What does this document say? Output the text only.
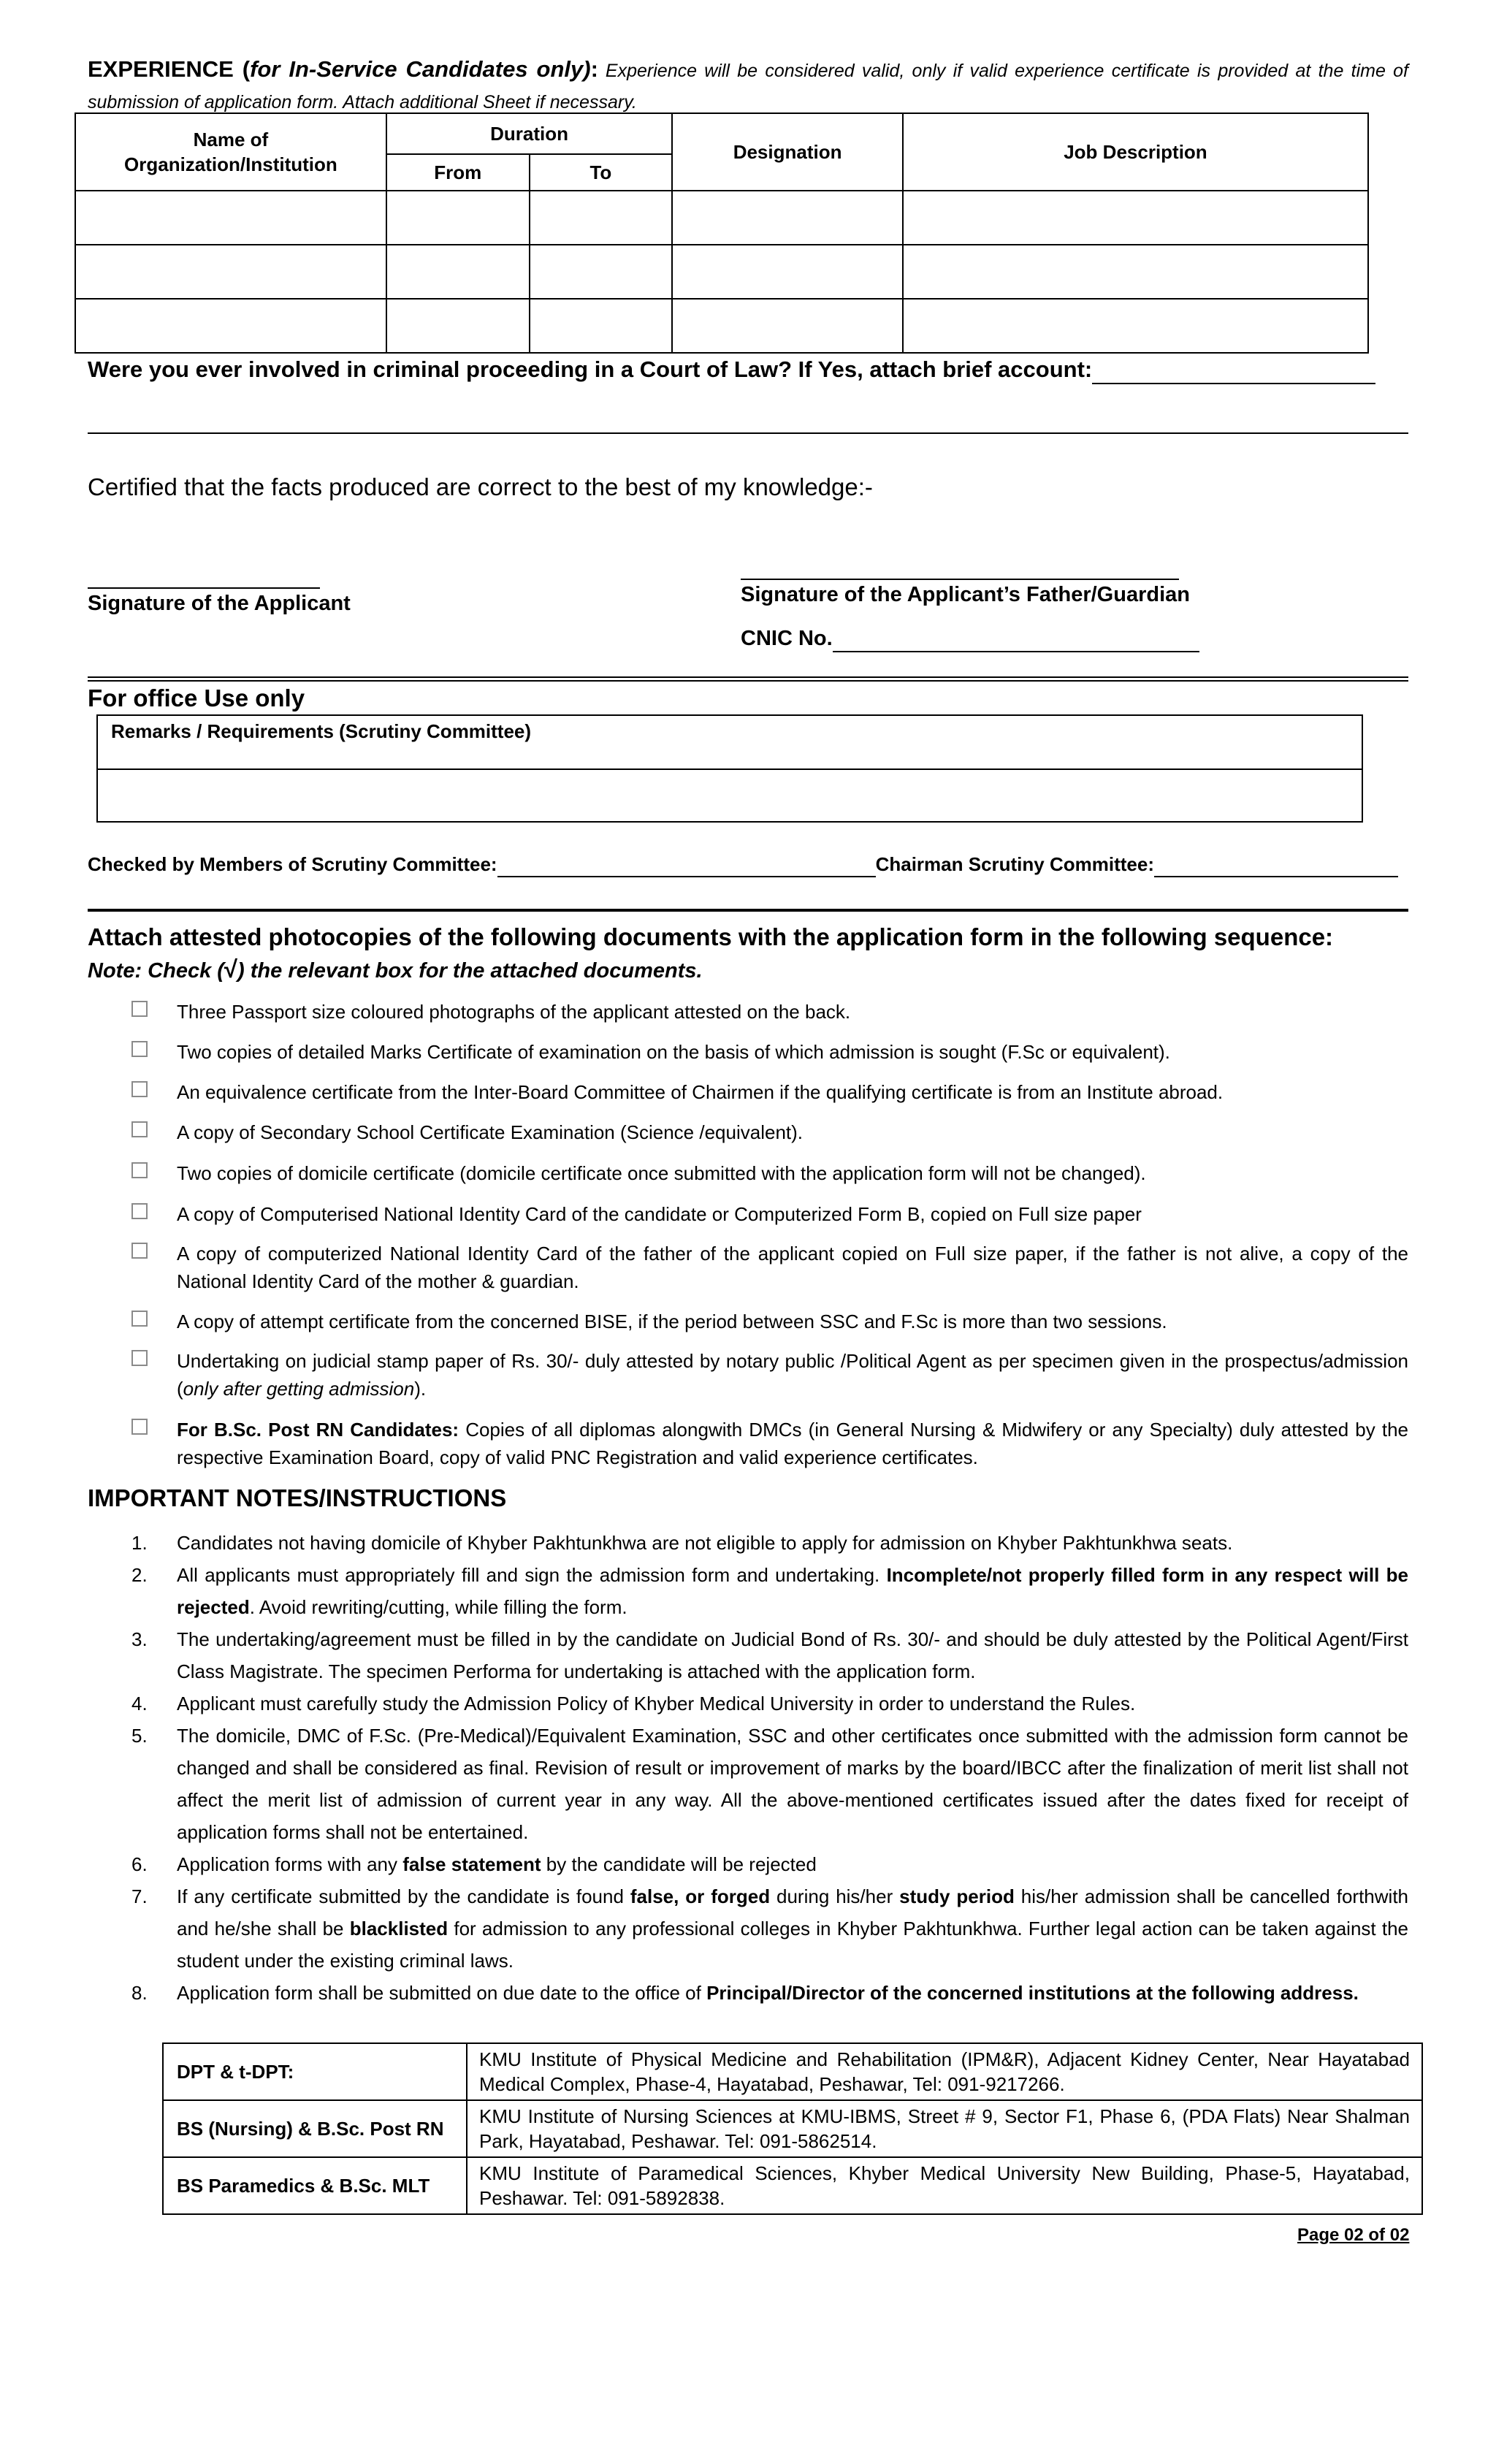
EXPERIENCE (for In-Service Candidates only): Experience will be considered valid, only if valid experience certificate is provided at the time of submission of application form. Attach additional Sheet if necessary.
Name of Organization/Institution	Duration		Designation	Job Description
	From	To		

Were you ever involved in criminal proceeding in a Court of Law? If Yes, attach brief account:
Certified that the facts produced are correct to the best of my knowledge:-
Signature of the Applicant	Signature of the Applicant’s Father/Guardian
CNIC No.
For office Use only
Remarks / Requirements (Scrutiny Committee)
Checked by Members of Scrutiny Committee:	Chairman Scrutiny Committee:
Attach attested photocopies of the following documents with the application form in the following sequence:
Note: Check (√) the relevant box for the attached documents.
Three Passport size coloured photographs of the applicant attested on the back.
Two copies of detailed Marks Certificate of examination on the basis of which admission is sought (F.Sc or equivalent).
An equivalence certificate from the Inter-Board Committee of Chairmen if the qualifying certificate is from an Institute abroad.
A copy of Secondary School Certificate Examination (Science /equivalent).
Two copies of domicile certificate (domicile certificate once submitted with the application form will not be changed).
A copy of Computerised National Identity Card of the candidate or Computerized Form B, copied on Full size paper
A copy of computerized National Identity Card of the father of the applicant copied on Full size paper, if the father is not alive, a copy of the National Identity Card of the mother & guardian.
A copy of attempt certificate from the concerned BISE, if the period between SSC and F.Sc is more than two sessions.
Undertaking on judicial stamp paper of Rs. 30/- duly attested by notary public /Political Agent as per specimen given in the prospectus/admission (only after getting admission).
For B.Sc. Post RN Candidates: Copies of all diplomas alongwith DMCs (in General Nursing & Midwifery or any Specialty) duly attested by the respective Examination Board, copy of valid PNC Registration and valid experience certificates.
IMPORTANT NOTES/INSTRUCTIONS
1. Candidates not having domicile of Khyber Pakhtunkhwa are not eligible to apply for admission on Khyber Pakhtunkhwa seats.
2. All applicants must appropriately fill and sign the admission form and undertaking. Incomplete/not properly filled form in any respect will be rejected. Avoid rewriting/cutting, while filling the form.
3. The undertaking/agreement must be filled in by the candidate on Judicial Bond of Rs. 30/- and should be duly attested by the Political Agent/First Class Magistrate. The specimen Performa for undertaking is attached with the application form.
4. Applicant must carefully study the Admission Policy of Khyber Medical University in order to understand the Rules.
5. The domicile, DMC of F.Sc. (Pre-Medical)/Equivalent Examination, SSC and other certificates once submitted with the admission form cannot be changed and shall be considered as final. Revision of result or improvement of marks by the board/IBCC after the finalization of merit list shall not affect the merit list of admission of current year in any way. All the above-mentioned certificates issued after the dates fixed for receipt of application forms shall not be entertained.
6. Application forms with any false statement by the candidate will be rejected
7. If any certificate submitted by the candidate is found false, or forged during his/her study period his/her admission shall be cancelled forthwith and he/she shall be blacklisted for admission to any professional colleges in Khyber Pakhtunkhwa. Further legal action can be taken against the student under the existing criminal laws.
8. Application form shall be submitted on due date to the office of Principal/Director of the concerned institutions at the following address.
DPT & t-DPT:	KMU Institute of Physical Medicine and Rehabilitation (IPM&R), Adjacent Kidney Center, Near Hayatabad Medical Complex, Phase-4, Hayatabad, Peshawar, Tel: 091-9217266.
BS (Nursing) & B.Sc. Post RN	KMU Institute of Nursing Sciences at KMU-IBMS, Street # 9, Sector F1, Phase 6, (PDA Flats) Near Shalman Park, Hayatabad, Peshawar. Tel: 091-5862514.
BS Paramedics & B.Sc. MLT	KMU Institute of Paramedical Sciences, Khyber Medical University New Building, Phase-5, Hayatabad, Peshawar. Tel: 091-5892838.
Page 02 of 02
